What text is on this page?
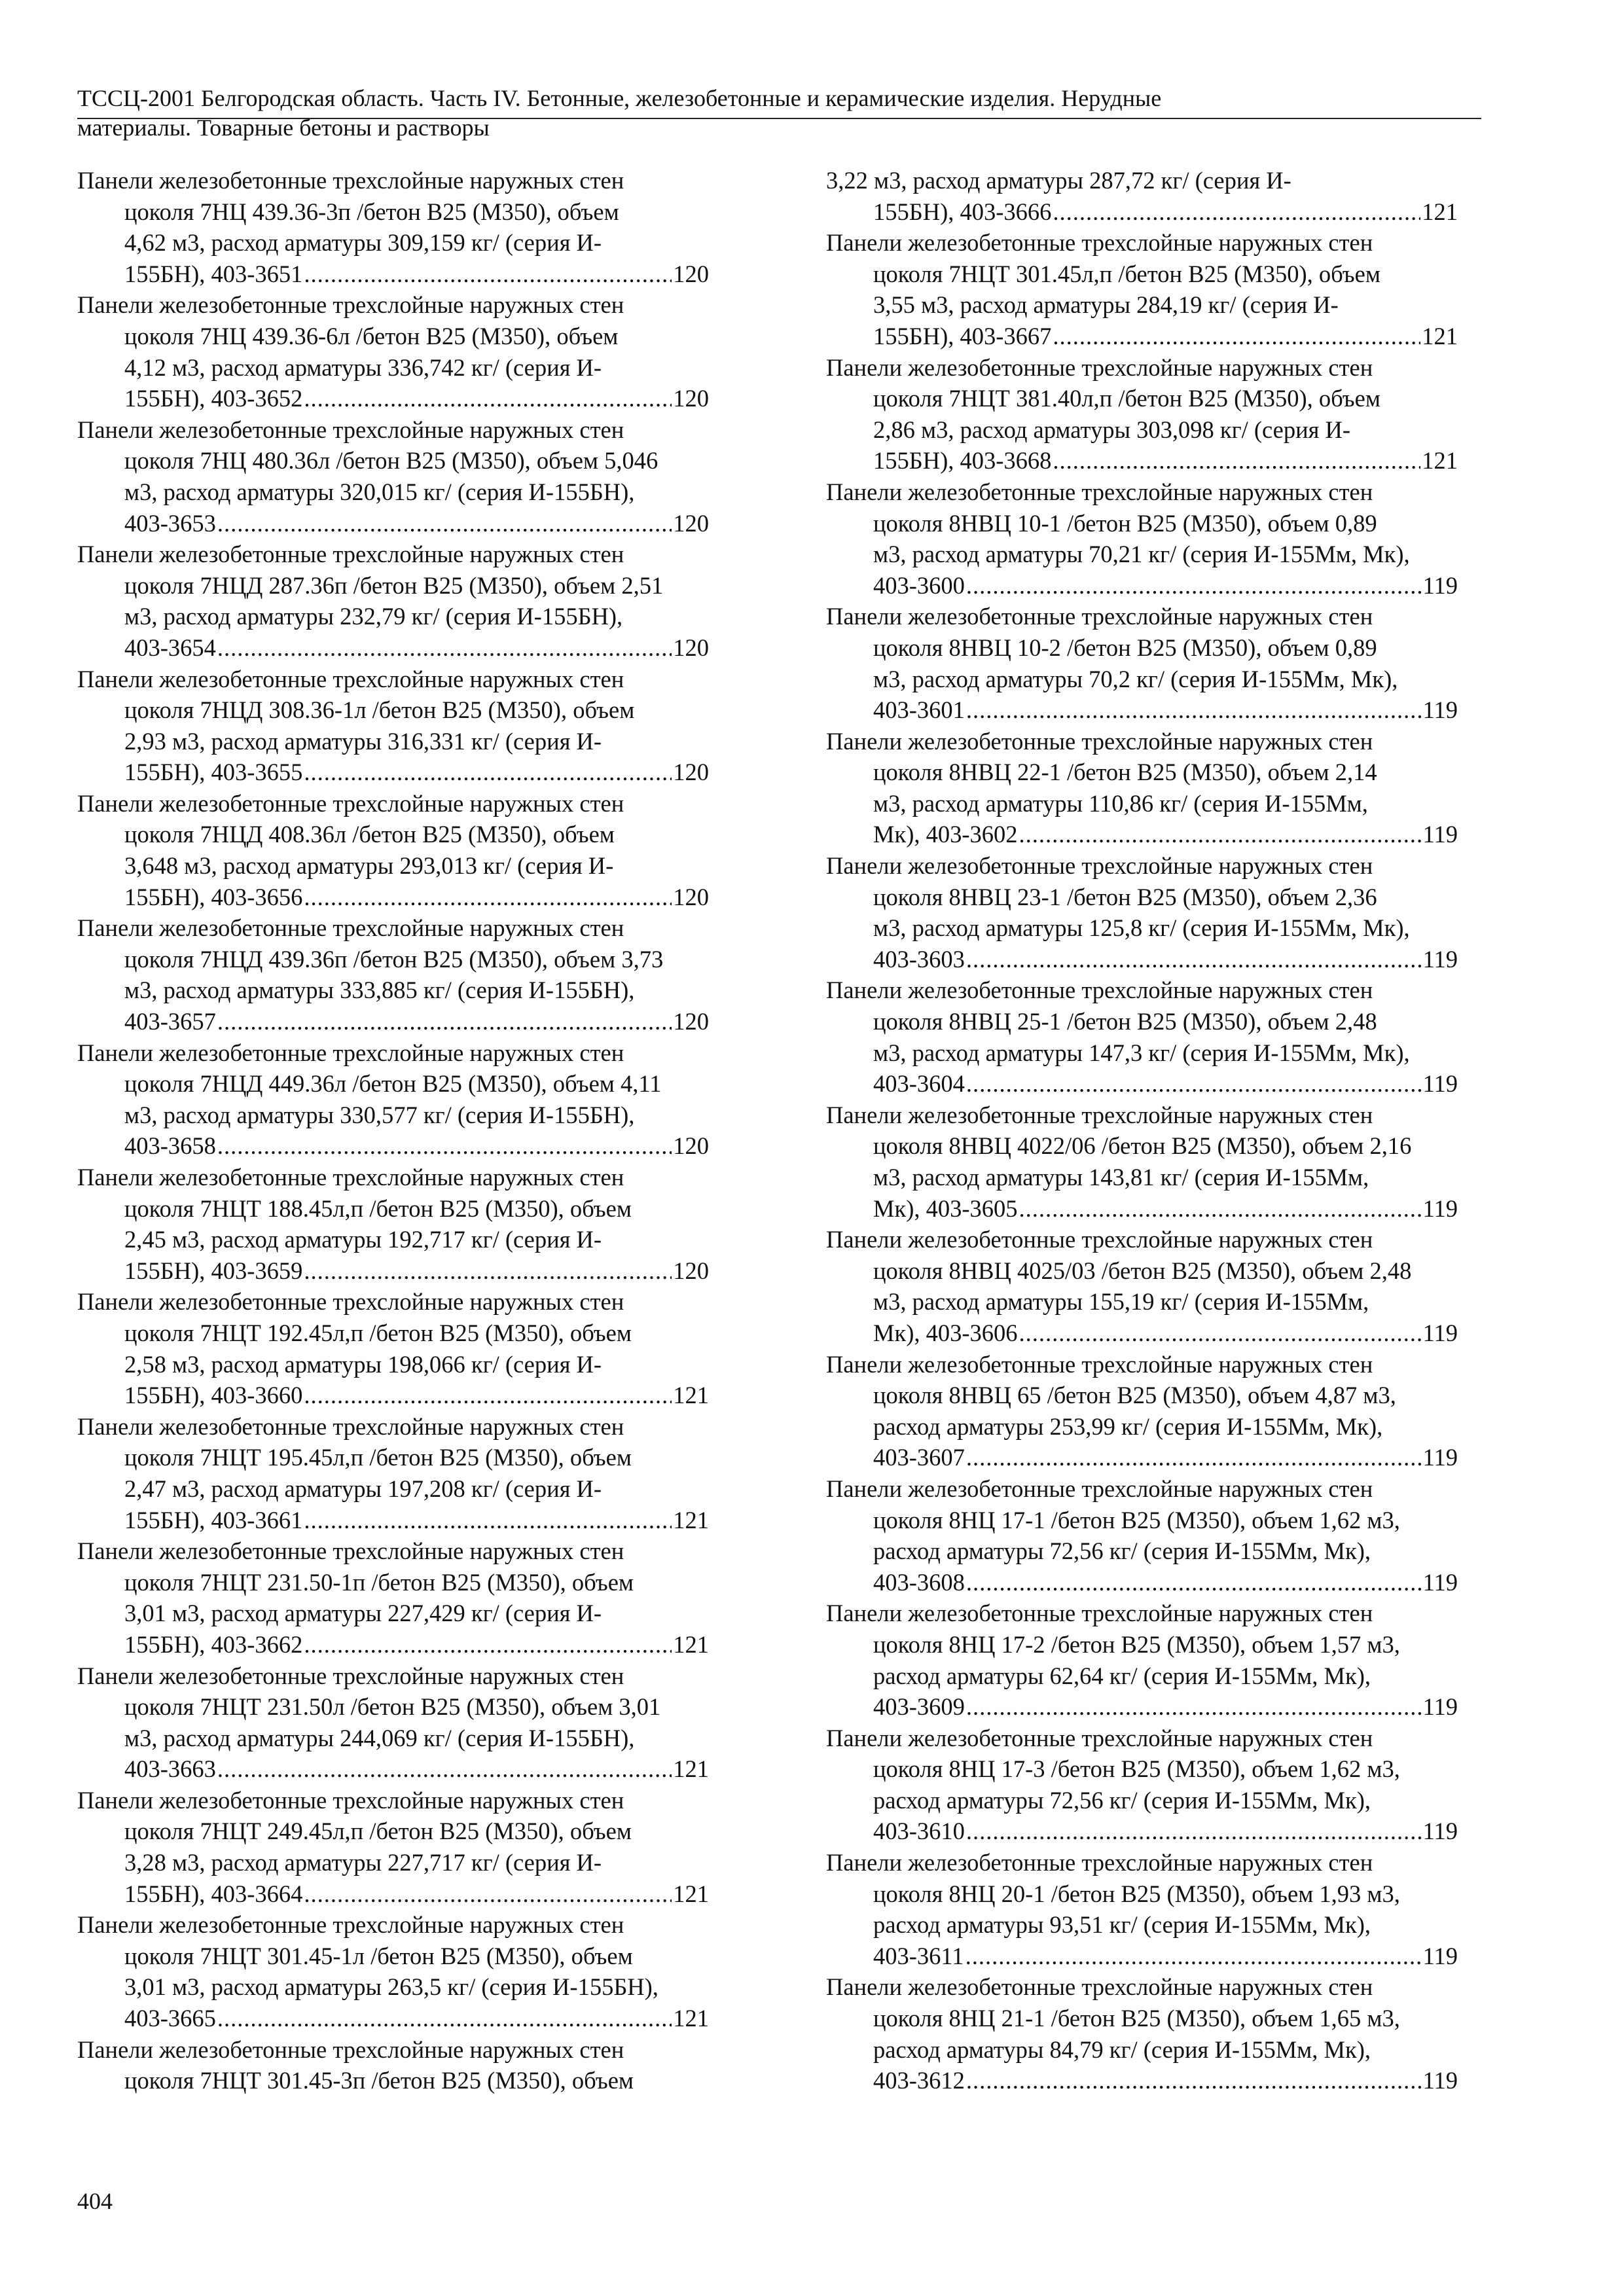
ТССЦ-2001 Белгородская область. Часть IV. Бетонные, железобетонные и керамические изделия. Нерудные
материалы. Товарные бетоны и растворы
Панели железобетонные трехслойные наружных стен
цоколя 7НЦ 439.36-3п /бетон В25 (М350), объем
4,62 м3, расход арматуры 309,159 кг/ (серия И-
155БН), 403-3651 .....	120
Панели железобетонные трехслойные наружных стен
цоколя 7НЦ 439.36-6л /бетон В25 (М350), объем
4,12 м3, расход арматуры 336,742 кг/ (серия И-
155БН), 403-3652 .....	120
Панели железобетонные трехслойные наружных стен
цоколя 7НЦ 480.36л /бетон В25 (М350), объем 5,046
м3, расход арматуры 320,015 кг/ (серия И-155БН),
403-3653 .....	120
Панели железобетонные трехслойные наружных стен
цоколя 7НЦД 287.36п /бетон В25 (М350), объем 2,51
м3, расход арматуры 232,79 кг/ (серия И-155БН),
403-3654 .....	120
Панели железобетонные трехслойные наружных стен
цоколя 7НЦД 308.36-1л /бетон В25 (М350), объем
2,93 м3, расход арматуры 316,331 кг/ (серия И-
155БН), 403-3655 .....	120
Панели железобетонные трехслойные наружных стен
цоколя 7НЦД 408.36л /бетон В25 (М350), объем
3,648 м3, расход арматуры 293,013 кг/ (серия И-
155БН), 403-3656 .....	120
Панели железобетонные трехслойные наружных стен
цоколя 7НЦД 439.36п /бетон В25 (М350), объем 3,73
м3, расход арматуры 333,885 кг/ (серия И-155БН),
403-3657 .....	120
Панели железобетонные трехслойные наружных стен
цоколя 7НЦД 449.36л /бетон В25 (М350), объем 4,11
м3, расход арматуры 330,577 кг/ (серия И-155БН),
403-3658 .....	120
Панели железобетонные трехслойные наружных стен
цоколя 7НЦТ 188.45л,п /бетон В25 (М350), объем
2,45 м3, расход арматуры 192,717 кг/ (серия И-
155БН), 403-3659 .....	120
Панели железобетонные трехслойные наружных стен
цоколя 7НЦТ 192.45л,п /бетон В25 (М350), объем
2,58 м3, расход арматуры 198,066 кг/ (серия И-
155БН), 403-3660 .....	121
Панели железобетонные трехслойные наружных стен
цоколя 7НЦТ 195.45л,п /бетон В25 (М350), объем
2,47 м3, расход арматуры 197,208 кг/ (серия И-
155БН), 403-3661 .....	121
Панели железобетонные трехслойные наружных стен
цоколя 7НЦТ 231.50-1п /бетон В25 (М350), объем
3,01 м3, расход арматуры 227,429 кг/ (серия И-
155БН), 403-3662 .....	121
Панели железобетонные трехслойные наружных стен
цоколя 7НЦТ 231.50л /бетон В25 (М350), объем 3,01
м3, расход арматуры 244,069 кг/ (серия И-155БН),
403-3663 .....	121
Панели железобетонные трехслойные наружных стен
цоколя 7НЦТ 249.45л,п /бетон В25 (М350), объем
3,28 м3, расход арматуры 227,717 кг/ (серия И-
155БН), 403-3664 .....	121
Панели железобетонные трехслойные наружных стен
цоколя 7НЦТ 301.45-1л /бетон В25 (М350), объем
3,01 м3, расход арматуры 263,5 кг/ (серия И-155БН),
403-3665 .....	121
Панели железобетонные трехслойные наружных стен
цоколя 7НЦТ 301.45-3п /бетон В25 (М350), объем
3,22 м3, расход арматуры 287,72 кг/ (серия И-
155БН), 403-3666 .....	121
Панели железобетонные трехслойные наружных стен
цоколя 7НЦТ 301.45л,п /бетон В25 (М350), объем
3,55 м3, расход арматуры 284,19 кг/ (серия И-
155БН), 403-3667 .....	121
Панели железобетонные трехслойные наружных стен
цоколя 7НЦТ 381.40л,п /бетон В25 (М350), объем
2,86 м3, расход арматуры 303,098 кг/ (серия И-
155БН), 403-3668 .....	121
Панели железобетонные трехслойные наружных стен
цоколя 8НВЦ 10-1 /бетон В25 (М350), объем 0,89
м3, расход арматуры 70,21 кг/ (серия И-155Мм, Мк),
403-3600 .....	119
Панели железобетонные трехслойные наружных стен
цоколя 8НВЦ 10-2 /бетон В25 (М350), объем 0,89
м3, расход арматуры 70,2 кг/ (серия И-155Мм, Мк),
403-3601 .....	119
Панели железобетонные трехслойные наружных стен
цоколя 8НВЦ 22-1 /бетон В25 (М350), объем 2,14
м3, расход арматуры 110,86 кг/ (серия И-155Мм,
Мк), 403-3602 .....	119
Панели железобетонные трехслойные наружных стен
цоколя 8НВЦ 23-1 /бетон В25 (М350), объем 2,36
м3, расход арматуры 125,8 кг/ (серия И-155Мм, Мк),
403-3603 .....	119
Панели железобетонные трехслойные наружных стен
цоколя 8НВЦ 25-1 /бетон В25 (М350), объем 2,48
м3, расход арматуры 147,3 кг/ (серия И-155Мм, Мк),
403-3604 .....	119
Панели железобетонные трехслойные наружных стен
цоколя 8НВЦ 4022/06 /бетон В25 (М350), объем 2,16
м3, расход арматуры 143,81 кг/ (серия И-155Мм,
Мк), 403-3605 .....	119
Панели железобетонные трехслойные наружных стен
цоколя 8НВЦ 4025/03 /бетон В25 (М350), объем 2,48
м3, расход арматуры 155,19 кг/ (серия И-155Мм,
Мк), 403-3606 .....	119
Панели железобетонные трехслойные наружных стен
цоколя 8НВЦ 65 /бетон В25 (М350), объем 4,87 м3,
расход арматуры 253,99 кг/ (серия И-155Мм, Мк),
403-3607 .....	119
Панели железобетонные трехслойные наружных стен
цоколя 8НЦ 17-1 /бетон В25 (М350), объем 1,62 м3,
расход арматуры 72,56 кг/ (серия И-155Мм, Мк),
403-3608 .....	119
Панели железобетонные трехслойные наружных стен
цоколя 8НЦ 17-2 /бетон В25 (М350), объем 1,57 м3,
расход арматуры 62,64 кг/ (серия И-155Мм, Мк),
403-3609 .....	119
Панели железобетонные трехслойные наружных стен
цоколя 8НЦ 17-3 /бетон В25 (М350), объем 1,62 м3,
расход арматуры 72,56 кг/ (серия И-155Мм, Мк),
403-3610 .....	119
Панели железобетонные трехслойные наружных стен
цоколя 8НЦ 20-1 /бетон В25 (М350), объем 1,93 м3,
расход арматуры 93,51 кг/ (серия И-155Мм, Мк),
403-3611 .....	119
Панели железобетонные трехслойные наружных стен
цоколя 8НЦ 21-1 /бетон В25 (М350), объем 1,65 м3,
расход арматуры 84,79 кг/ (серия И-155Мм, Мк),
403-3612 .....	119
404
